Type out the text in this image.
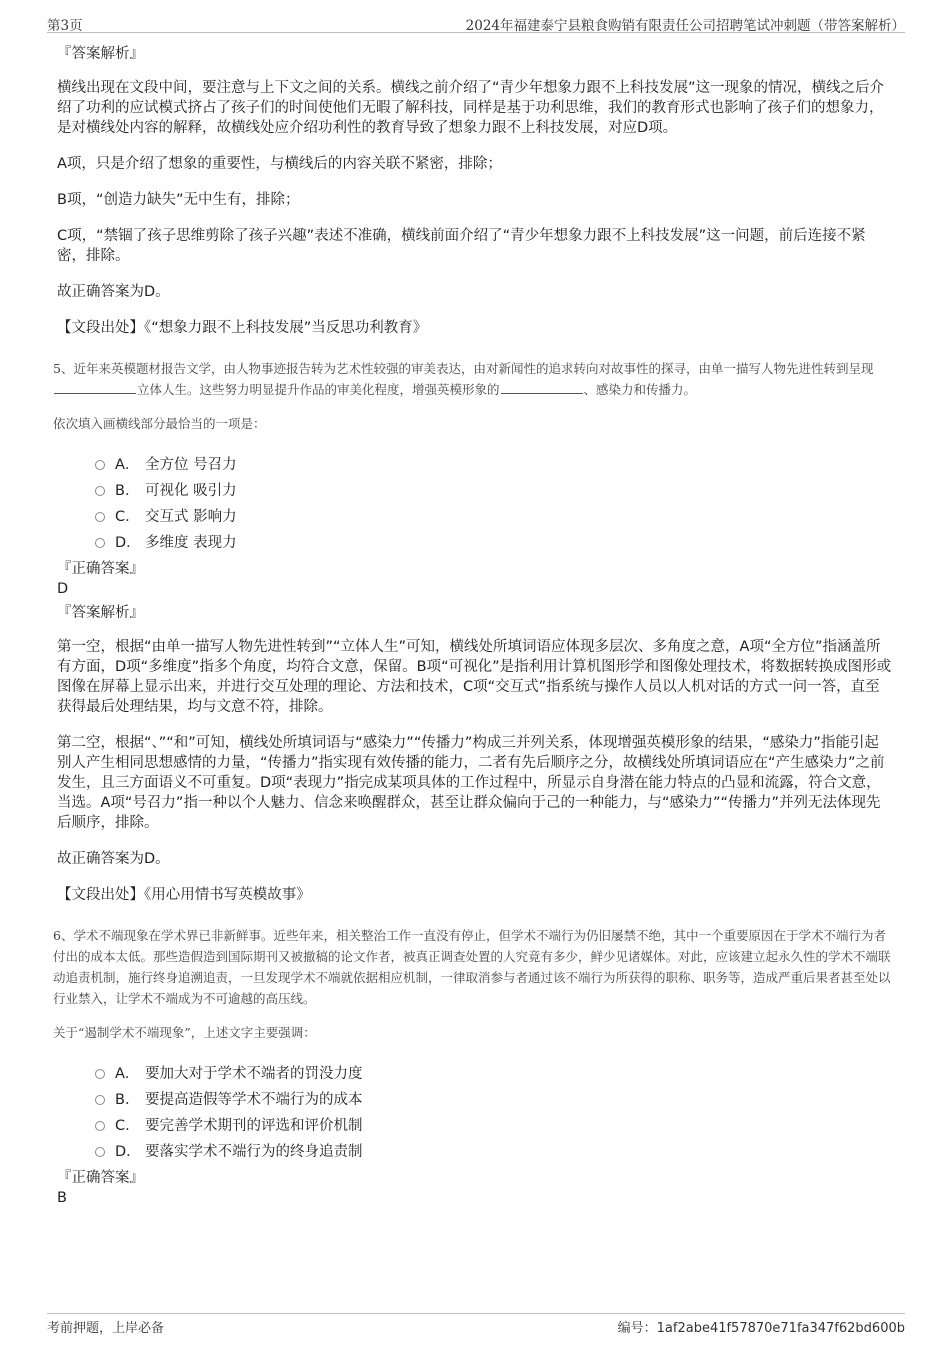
第3页	2024年福建泰宁县粮食购销有限责任公司招聘笔试冲刺题（带答案解析）

『答案解析』

横线出现在文段中间，要注意与上下文之间的关系。横线之前介绍了“青少年想象力跟不上科技发展”这一现象的情况，横线之后介绍了功利的应试模式挤占了孩子们的时间使他们无暇了解科技，同样是基于功利思维，我们的教育形式也影响了孩子们的想象力，是对横线处内容的解释，故横线处应介绍功利性的教育导致了想象力跟不上科技发展，对应D项。

A项，只是介绍了想象的重要性，与横线后的内容关联不紧密，排除；

B项，“创造力缺失”无中生有，排除；

C项，“禁锢了孩子思维剪除了孩子兴趣”表述不准确，横线前面介绍了“青少年想象力跟不上科技发展”这一问题，前后连接不紧密，排除。

故正确答案为D。

【文段出处】《“想象力跟不上科技发展”当反思功利教育》

5、近年来英模题材报告文学，由人物事迹报告转为艺术性较强的审美表达，由对新闻性的追求转向对故事性的探寻，由单一描写人物先进性转到呈现立体人生。这些努力明显提升作品的审美化程度，增强英模形象的	、感染力和传播力。

依次填入画横线部分最恰当的一项是：

A． 全方位 号召力
B． 可视化 吸引力
C． 交互式 影响力
D． 多维度 表现力

『正确答案』

D

『答案解析』

第一空，根据“由单一描写人物先进性转到”“立体人生”可知，横线处所填词语应体现多层次、多角度之意，A项“全方位”指涵盖所有方面，D项“多维度”指多个角度，均符合文意，保留。B项“可视化”是指利用计算机图形学和图像处理技术，将数据转换成图形或图像在屏幕上显示出来，并进行交互处理的理论、方法和技术，C项“交互式”指系统与操作人员以人机对话的方式一问一答，直至获得最后处理结果，均与文意不符，排除。

第二空，根据“、”“和”可知，横线处所填词语与“感染力”“传播力”构成三并列关系，体现增强英模形象的结果，“感染力”指能引起别人产生相同思想感情的力量，“传播力”指实现有效传播的能力，二者有先后顺序之分，故横线处所填词语应在“产生感染力”之前发生，且三方面语义不可重复。D项“表现力”指完成某项具体的工作过程中，所显示自身潜在能力特点的凸显和流露，符合文意，当选。A项“号召力”指一种以个人魅力、信念来唤醒群众，甚至让群众偏向于己的一种能力，与“感染力”“传播力”并列无法体现先后顺序，排除。

故正确答案为D。

【文段出处】《用心用情书写英模故事》

6、学术不端现象在学术界已非新鲜事。近些年来，相关整治工作一直没有停止，但学术不端行为仍旧屡禁不绝，其中一个重要原因在于学术不端行为者付出的成本太低。那些造假造到国际期刊又被撤稿的论文作者，被真正调查处置的人究竟有多少，鲜少见诸媒体。对此，应该建立起永久性的学术不端联动追责机制，施行终身追溯追责，一旦发现学术不端就依据相应机制，一律取消参与者通过该不端行为所获得的职称、职务等，造成严重后果者甚至处以行业禁入，让学术不端成为不可逾越的高压线。

关于“遏制学术不端现象”，上述文字主要强调：

A． 要加大对于学术不端者的罚没力度
B． 要提高造假等学术不端行为的成本
C． 要完善学术期刊的评选和评价机制
D． 要落实学术不端行为的终身追责制

『正确答案』

B

考前押题，上岸必备	编号：1af2abe41f57870e71fa347f62bd600b
